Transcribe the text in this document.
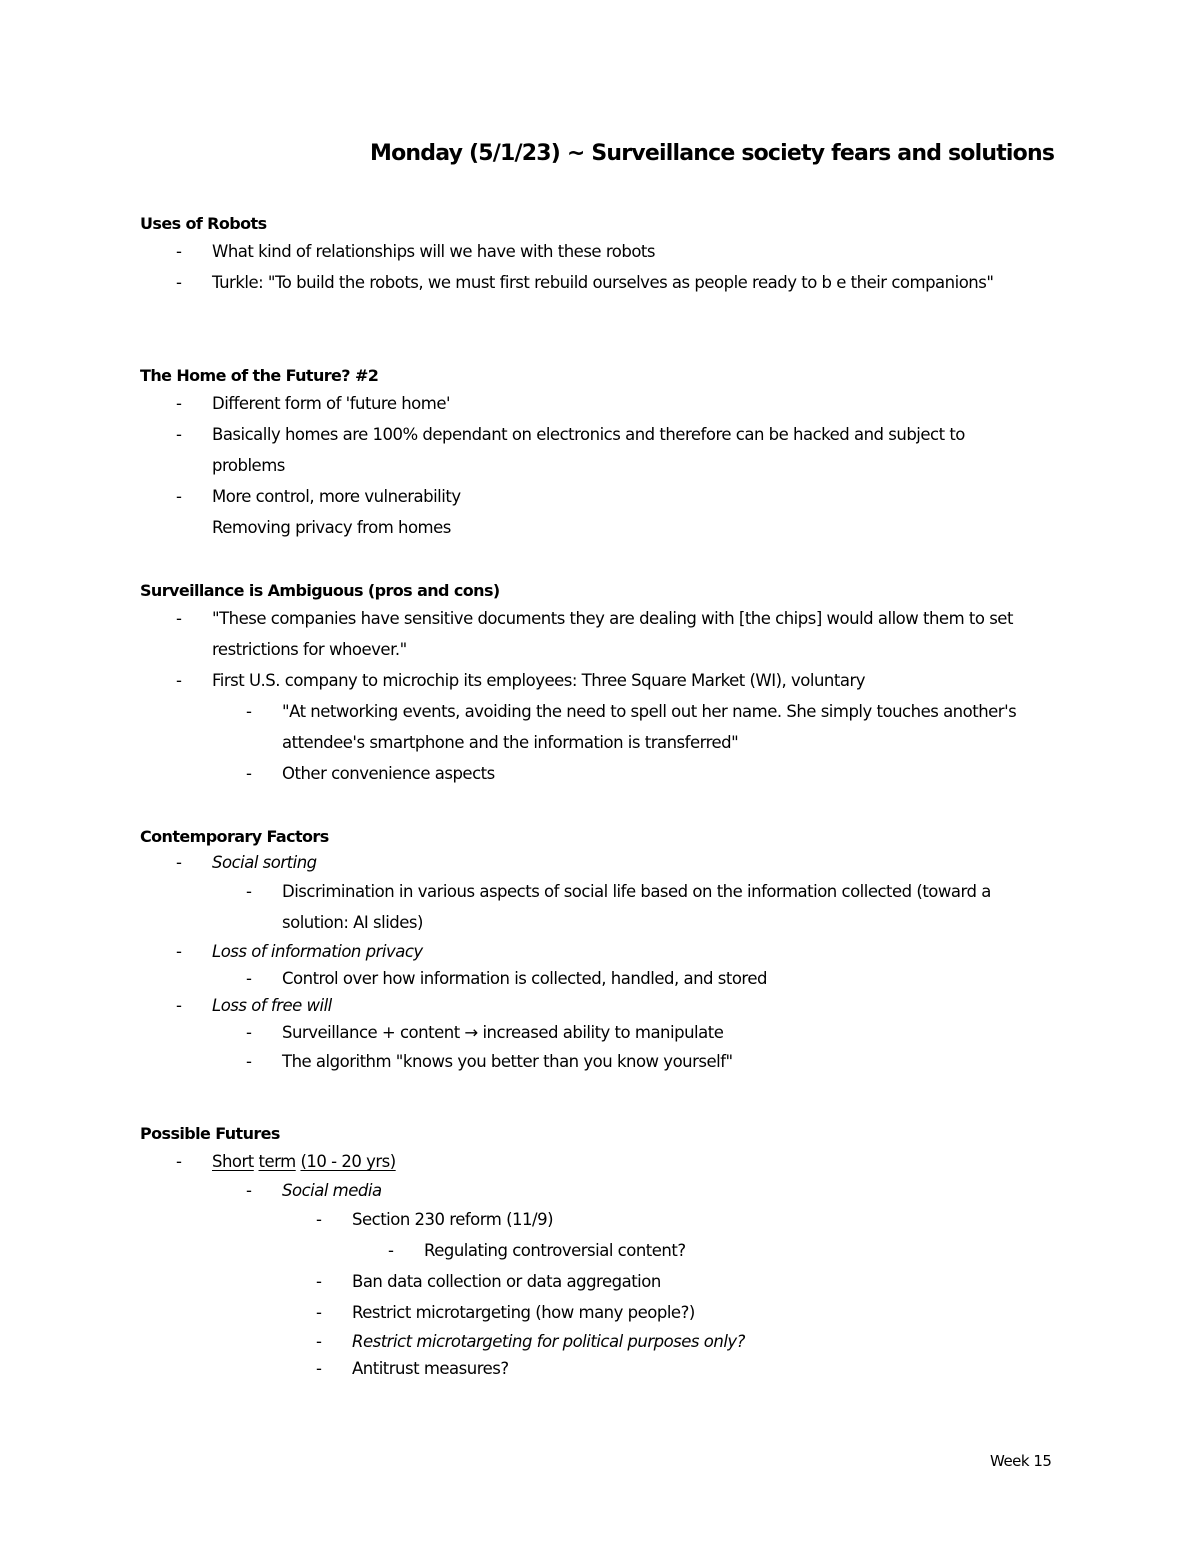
Monday (5/1/23) ~ Surveillance society fears and solutions
Uses of Robots
-	What kind of relationships will we have with these robots
-	Turkle: "To build the robots, we must first rebuild ourselves as people ready to b e their companions"
The Home of the Future? #2
-	Different form of 'future home'
-	Basically homes are 100% dependant on electronics and therefore can be hacked and subject to problems
-	More control, more vulnerability
Removing privacy from homes
Surveillance is Ambiguous (pros and cons)
-	"These companies have sensitive documents they are dealing with [the chips] would allow them to set restrictions for whoever."
-	First U.S. company to microchip its employees: Three Square Market (WI), voluntary
-	"At networking events, avoiding the need to spell out her name. She simply touches another's attendee's smartphone and the information is transferred"
-	Other convenience aspects
Contemporary Factors
-	Social sorting
-	Discrimination in various aspects of social life based on the information collected (toward a solution: AI slides)
-	Loss of information privacy
-	Control over how information is collected, handled, and stored
-	Loss of free will
-	Surveillance + content → increased ability to manipulate
-	The algorithm "knows you better than you know yourself"
Possible Futures
-	Short term (10 - 20 yrs)
-	Social media
-	Section 230 reform (11/9)
-	Regulating controversial content?
-	Ban data collection or data aggregation
-	Restrict microtargeting (how many people?)
-	Restrict microtargeting for political purposes only?
-	Antitrust measures?
Week 15
